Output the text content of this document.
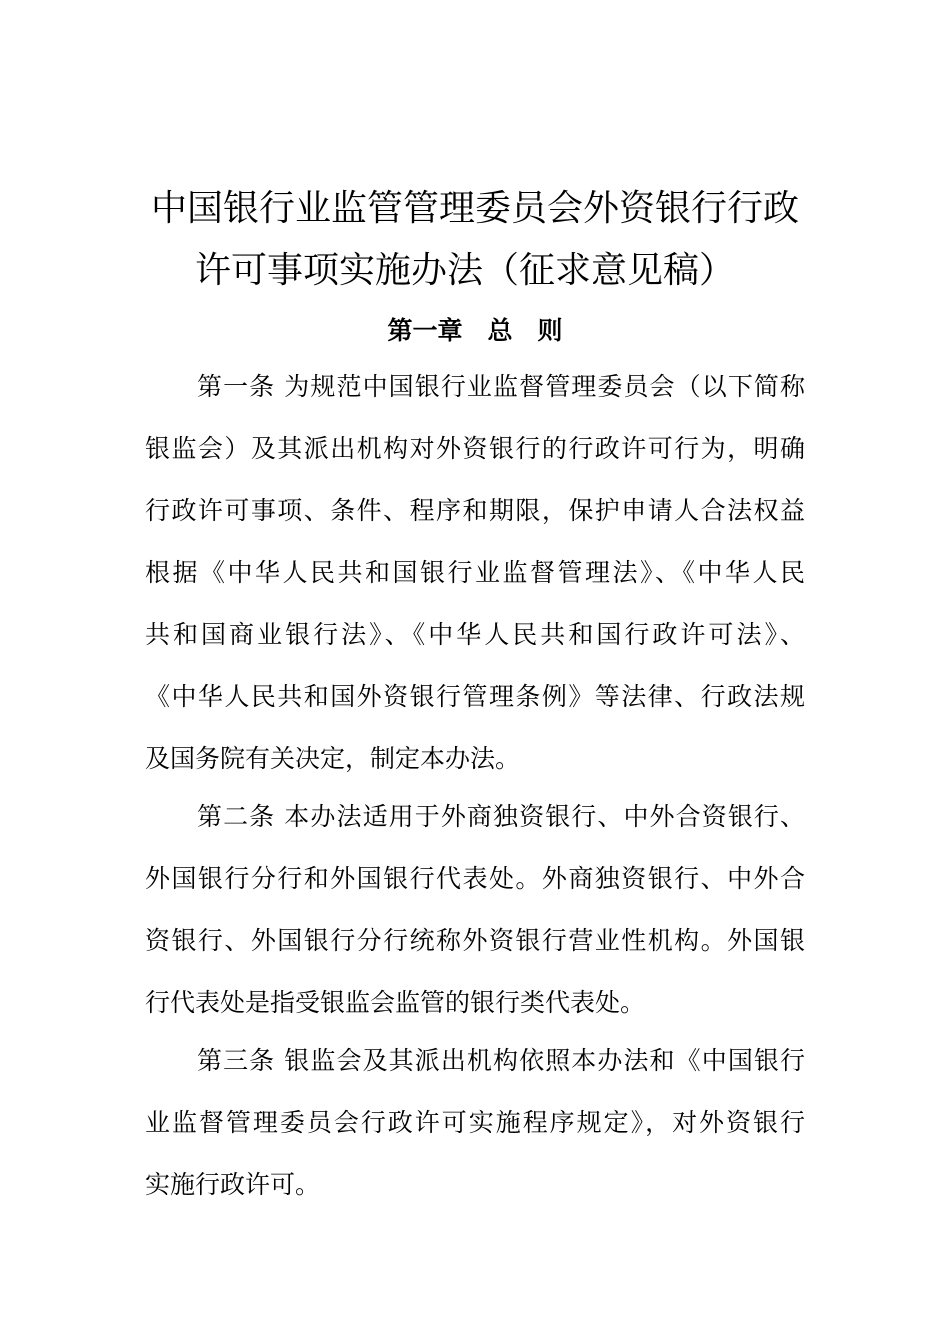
中国银行业监管管理委员会外资银行行政
许可事项实施办法（征求意见稿）
第一章　总　则
第一条 为规范中国银行业监督管理委员会（以下简称
银监会）及其派出机构对外资银行的行政许可行为，明确
行政许可事项、条件、程序和期限，保护申请人合法权益
根据《中华人民共和国银行业监督管理法》、《中华人民
共和国商业银行法》、《中华人民共和国行政许可法》、
《中华人民共和国外资银行管理条例》等法律、行政法规
及国务院有关决定，制定本办法。
第二条 本办法适用于外商独资银行、中外合资银行、
外国银行分行和外国银行代表处。外商独资银行、中外合
资银行、外国银行分行统称外资银行营业性机构。外国银
行代表处是指受银监会监管的银行类代表处。
第三条 银监会及其派出机构依照本办法和《中国银行
业监督管理委员会行政许可实施程序规定》，对外资银行
实施行政许可。
